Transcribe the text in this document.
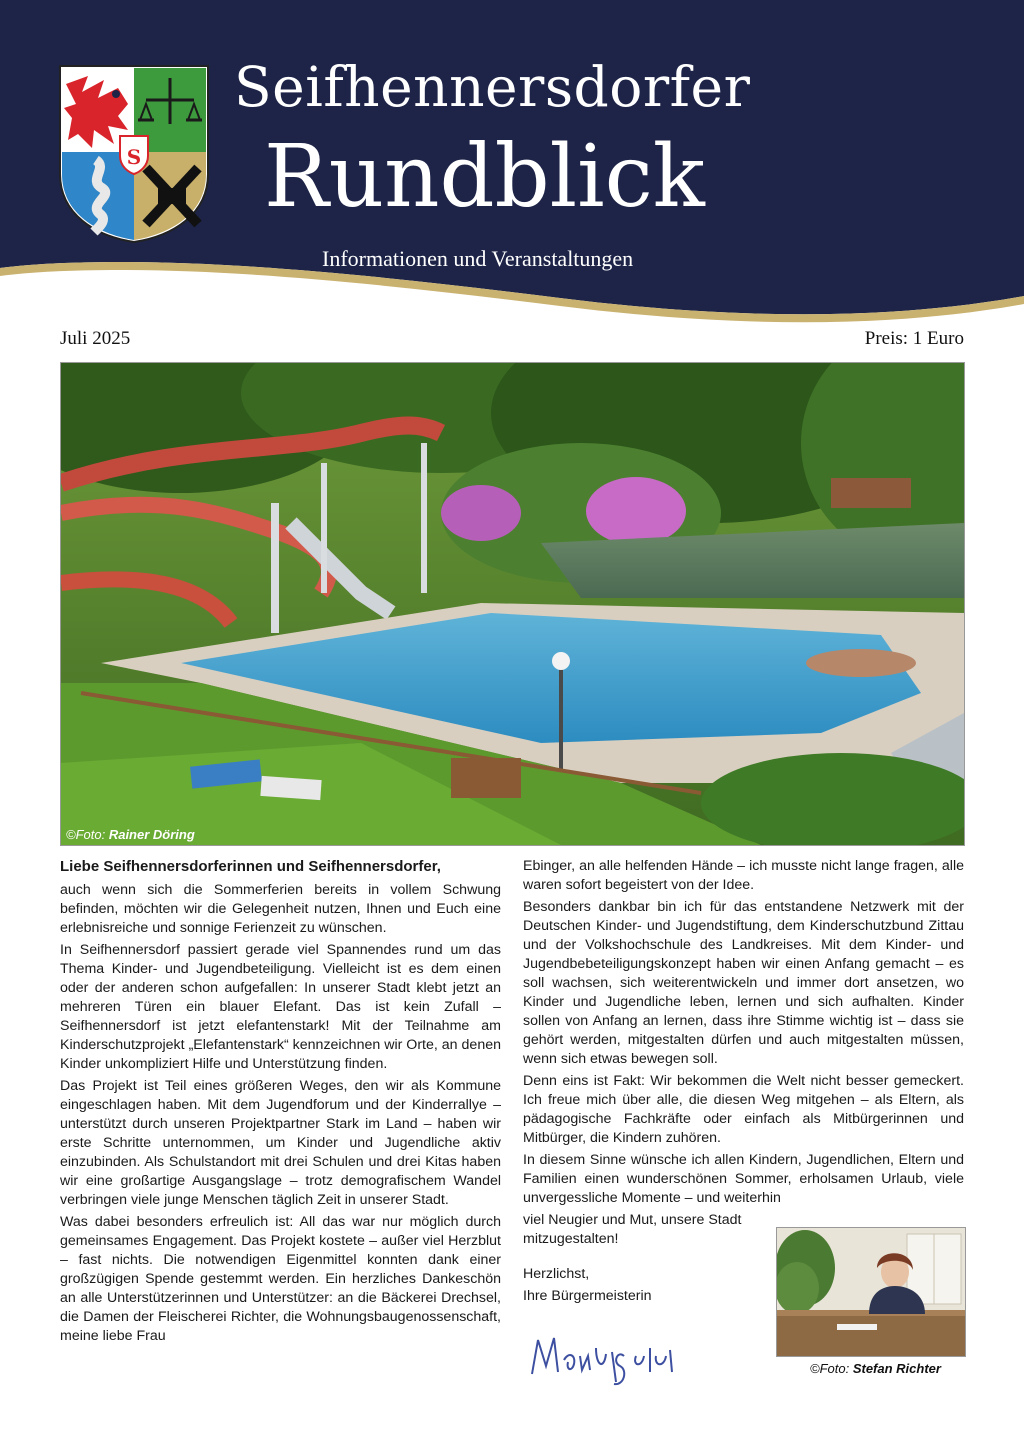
S
Seifhennersdorfer
Rundblick
Informationen und Veranstaltungen
Juli 2025	Preis: 1 Euro
©Foto: Rainer Döring

Liebe Seifhennersdorferinnen und Seifhennersdorfer,

auch wenn sich die Sommerferien bereits in vollem Schwung befinden, möchten wir die Gelegenheit nutzen, Ihnen und Euch eine erlebnisreiche und sonnige Ferienzeit zu wünschen.

In Seifhennersdorf passiert gerade viel Spannendes rund um das Thema Kinder- und Jugendbeteiligung. Vielleicht ist es dem einen oder der anderen schon aufgefallen: In unserer Stadt klebt jetzt an mehreren Türen ein blauer Elefant. Das ist kein Zufall – Seifhennersdorf ist jetzt elefantenstark! Mit der Teilnahme am Kinderschutzprojekt „Elefantenstark“ kennzeichnen wir Orte, an denen Kinder unkompliziert Hilfe und Unterstützung finden.

Das Projekt ist Teil eines größeren Weges, den wir als Kommune eingeschlagen haben. Mit dem Jugendforum und der Kinderrallye – unterstützt durch unseren Projektpartner Stark im Land – haben wir erste Schritte unternommen, um Kinder und Jugendliche aktiv einzubinden. Als Schulstandort mit drei Schulen und drei Kitas haben wir eine großartige Ausgangslage – trotz demografischem Wandel verbringen viele junge Menschen täglich Zeit in unserer Stadt.

Was dabei besonders erfreulich ist: All das war nur möglich durch gemeinsames Engagement. Das Projekt kostete – außer viel Herzblut – fast nichts. Die notwendigen Eigenmittel konnten dank einer großzügigen Spende gestemmt werden. Ein herzliches Dankeschön an alle Unterstützerinnen und Unterstützer: an die Bäckerei Drechsel, die Damen der Fleischerei Richter, die Wohnungsbaugenossenschaft, meine liebe Frau

Ebinger, an alle helfenden Hände – ich musste nicht lange fragen, alle waren sofort begeistert von der Idee.

Besonders dankbar bin ich für das entstandene Netzwerk mit der Deutschen Kinder- und Jugendstiftung, dem Kinderschutzbund Zittau und der Volkshochschule des Landkreises. Mit dem Kinder- und Jugendbebeteiligungskonzept haben wir einen Anfang gemacht – es soll wachsen, sich weiterentwickeln und immer dort ansetzen, wo Kinder und Jugendliche leben, lernen und sich aufhalten. Kinder sollen von Anfang an lernen, dass ihre Stimme wichtig ist – dass sie gehört werden, mitgestalten dürfen und auch mitgestalten müssen, wenn sich etwas bewegen soll.

Denn eins ist Fakt: Wir bekommen die Welt nicht besser gemeckert. Ich freue mich über alle, die diesen Weg mitgehen – als Eltern, als pädagogische Fachkräfte oder einfach als Mitbürgerinnen und Mitbürger, die Kindern zuhören.

In diesem Sinne wünsche ich allen Kindern, Jugendlichen, Eltern und Familien einen wunderschönen Sommer, erholsamen Urlaub, viele unvergessliche Momente – und weiterhin

viel Neugier und Mut, unsere Stadt mitzugestalten!

Herzlichst,

Ihre Bürgermeisterin

©Foto: Stefan Richter
